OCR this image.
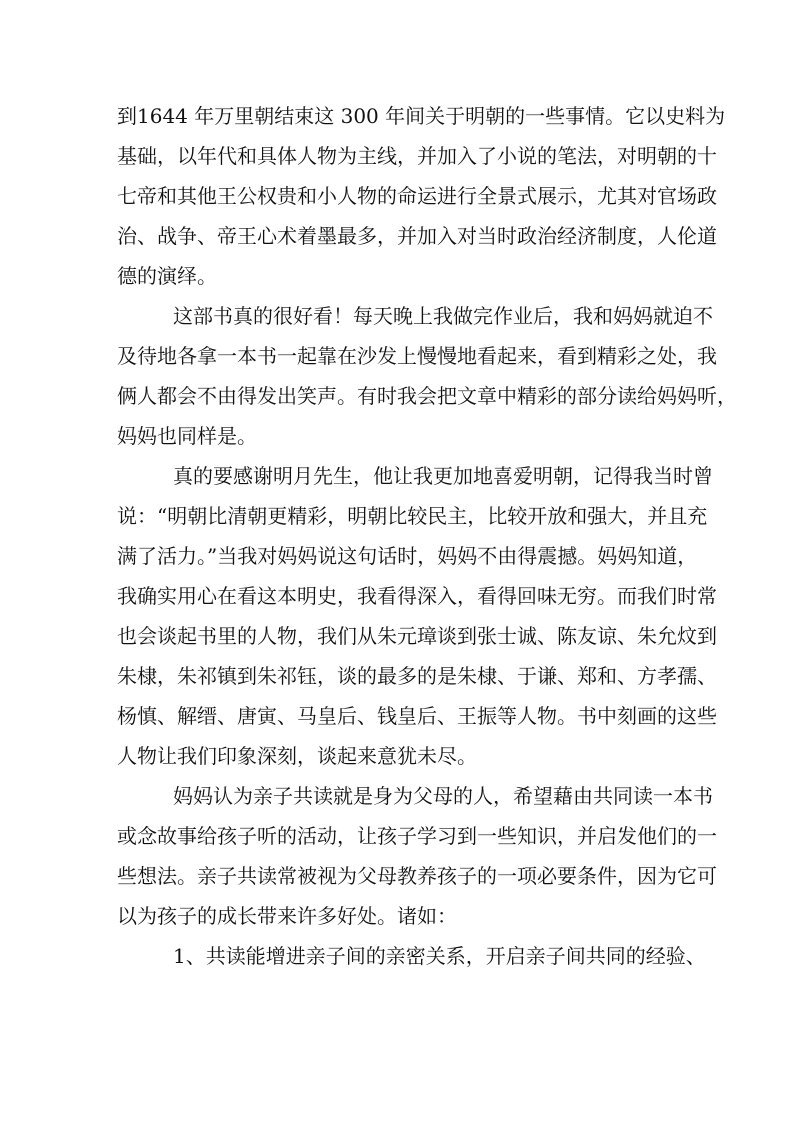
到1644 年万里朝结束这 300 年间关于明朝的一些事情。它以史料为
基础，以年代和具体人物为主线，并加入了小说的笔法，对明朝的十
七帝和其他王公权贵和小人物的命运进行全景式展示，尤其对官场政
治、战争、帝王心术着墨最多，并加入对当时政治经济制度，人伦道
德的演绎。
这部书真的很好看！每天晚上我做完作业后，我和妈妈就迫不
及待地各拿一本书一起靠在沙发上慢慢地看起来，看到精彩之处，我
俩人都会不由得发出笑声。有时我会把文章中精彩的部分读给妈妈听，
妈妈也同样是。
真的要感谢明月先生，他让我更加地喜爱明朝，记得我当时曾
说：“明朝比清朝更精彩，明朝比较民主，比较开放和强大，并且充
满了活力。”当我对妈妈说这句话时，妈妈不由得震撼。妈妈知道，
我确实用心在看这本明史，我看得深入，看得回味无穷。而我们时常
也会谈起书里的人物，我们从朱元璋谈到张士诚、陈友谅、朱允炆到
朱棣，朱祁镇到朱祁钰，谈的最多的是朱棣、于谦、郑和、方孝孺、
杨慎、解缙、唐寅、马皇后、钱皇后、王振等人物。书中刻画的这些
人物让我们印象深刻，谈起来意犹未尽。
妈妈认为亲子共读就是身为父母的人，希望藉由共同读一本书
或念故事给孩子听的活动，让孩子学习到一些知识，并启发他们的一
些想法。亲子共读常被视为父母教养孩子的一项必要条件，因为它可
以为孩子的成长带来许多好处。诸如：
1、共读能增进亲子间的亲密关系，开启亲子间共同的经验、
